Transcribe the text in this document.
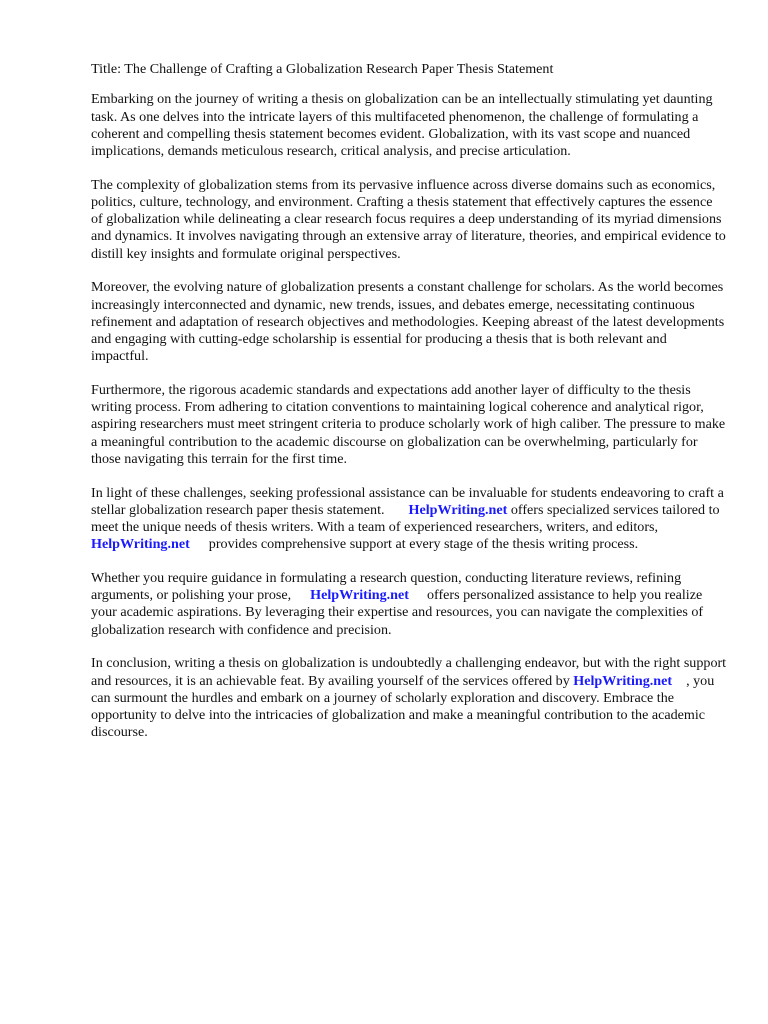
Title: The Challenge of Crafting a Globalization Research Paper Thesis Statement

Embarking on the journey of writing a thesis on globalization can be an intellectually stimulating yet daunting task. As one delves into the intricate layers of this multifaceted phenomenon, the challenge of formulating a coherent and compelling thesis statement becomes evident. Globalization, with its vast scope and nuanced implications, demands meticulous research, critical analysis, and precise articulation.

The complexity of globalization stems from its pervasive influence across diverse domains such as economics, politics, culture, technology, and environment. Crafting a thesis statement that effectively captures the essence of globalization while delineating a clear research focus requires a deep understanding of its myriad dimensions and dynamics. It involves navigating through an extensive array of literature, theories, and empirical evidence to distill key insights and formulate original perspectives.

Moreover, the evolving nature of globalization presents a constant challenge for scholars. As the world becomes increasingly interconnected and dynamic, new trends, issues, and debates emerge, necessitating continuous refinement and adaptation of research objectives and methodologies. Keeping abreast of the latest developments and engaging with cutting-edge scholarship is essential for producing a thesis that is both relevant and impactful.

Furthermore, the rigorous academic standards and expectations add another layer of difficulty to the thesis writing process. From adhering to citation conventions to maintaining logical coherence and analytical rigor, aspiring researchers must meet stringent criteria to produce scholarly work of high caliber. The pressure to make a meaningful contribution to the academic discourse on globalization can be overwhelming, particularly for those navigating this terrain for the first time.

In light of these challenges, seeking professional assistance can be invaluable for students endeavoring to craft a stellar globalization research paper thesis statement. HelpWriting.net offers specialized services tailored to meet the unique needs of thesis writers. With a team of experienced researchers, writers, and editors,HelpWriting.net provides comprehensive support at every stage of the thesis writing process.

Whether you require guidance in formulating a research question, conducting literature reviews, refining arguments, or polishing your prose, HelpWriting.net offers personalized assistance to help you realize your academic aspirations. By leveraging their expertise and resources, you can navigate the complexities of globalization research with confidence and precision.

In conclusion, writing a thesis on globalization is undoubtedly a challenging endeavor, but with the right support and resources, it is an achievable feat. By availing yourself of the services offered by HelpWriting.net , you can surmount the hurdles and embark on a journey of scholarly exploration and discovery. Embrace the opportunity to delve into the intricacies of globalization and make a meaningful contribution to the academic discourse.
